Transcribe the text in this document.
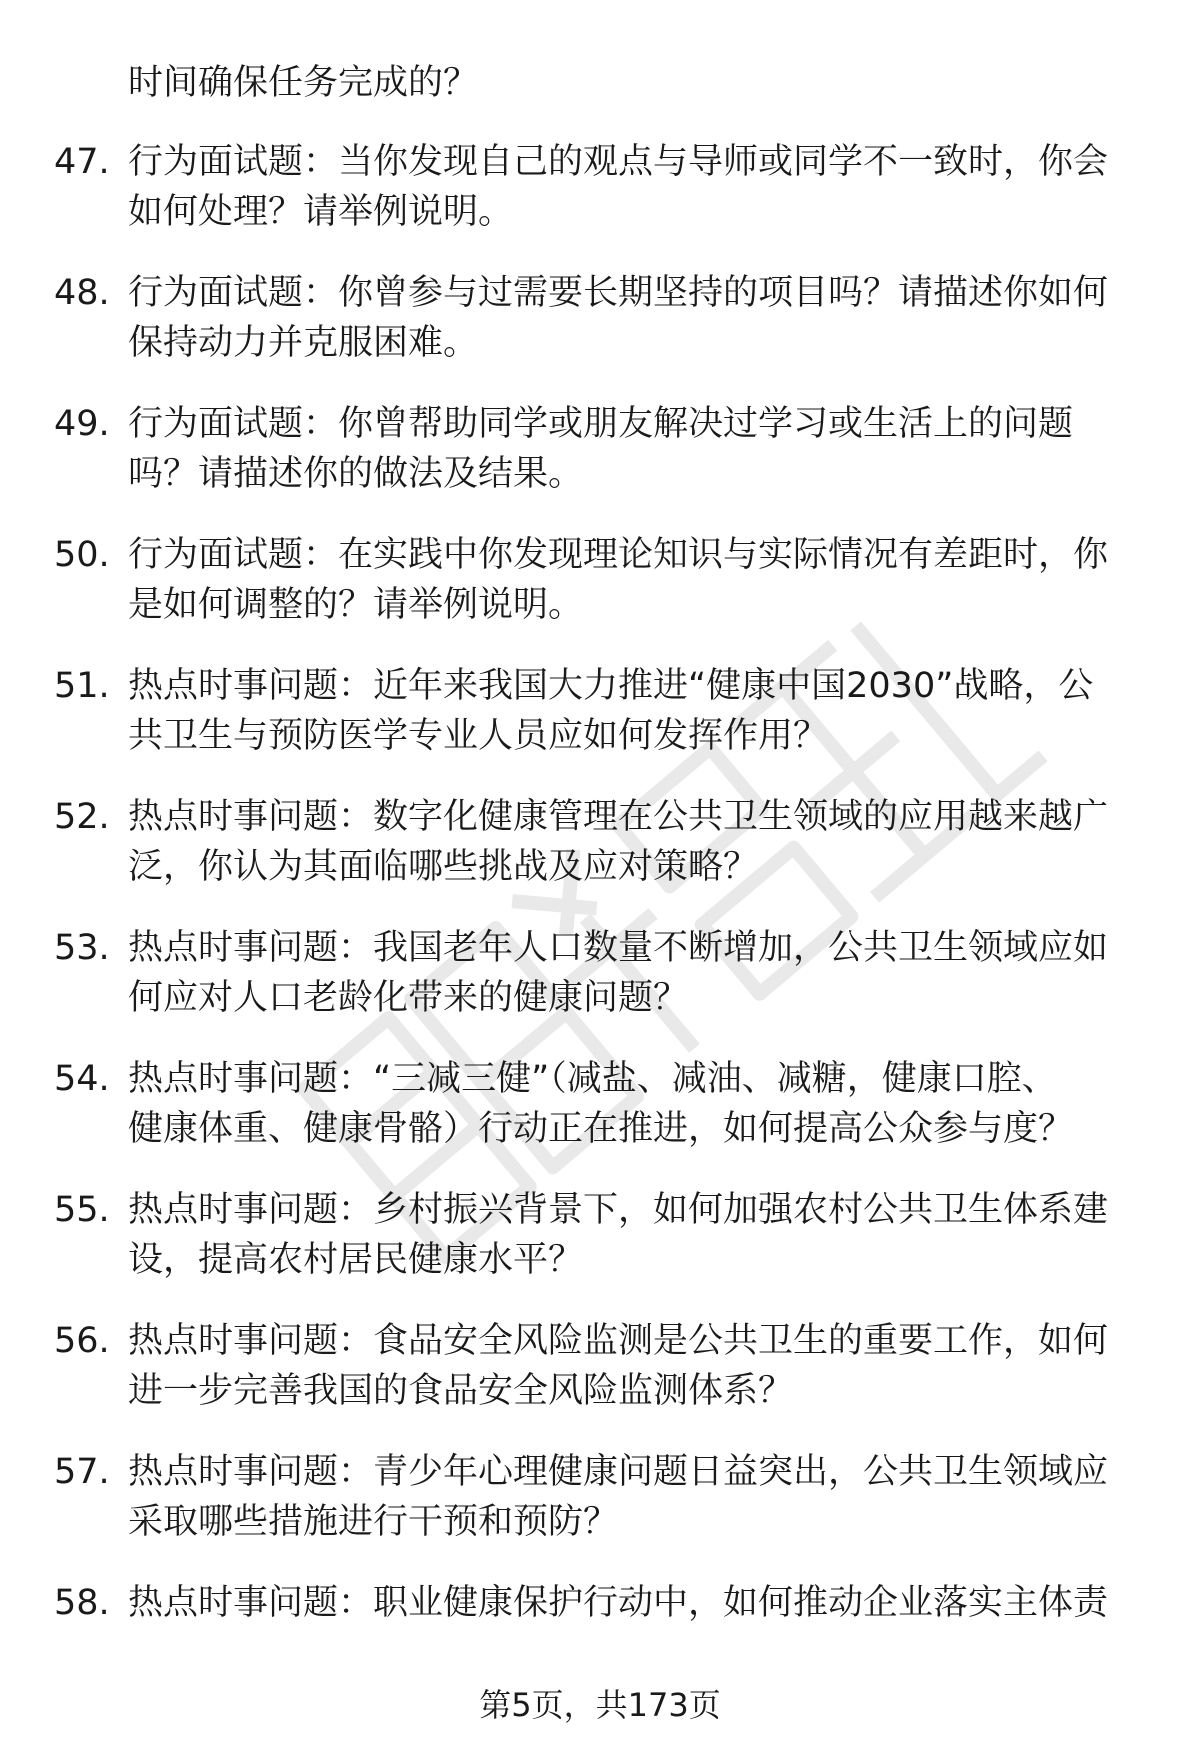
时间确保任务完成的？
47. 行为面试题：当你发现自己的观点与导师或同学不一致时，你会
如何处理？请举例说明。
48. 行为面试题：你曾参与过需要长期坚持的项目吗？请描述你如何
保持动力并克服困难。
49. 行为面试题：你曾帮助同学或朋友解决过学习或生活上的问题
吗？请描述你的做法及结果。
50. 行为面试题：在实践中你发现理论知识与实际情况有差距时，你
是如何调整的？请举例说明。
51. 热点时事问题：近年来我国大力推进“健康中国2030”战略，公
共卫生与预防医学专业人员应如何发挥作用？
52. 热点时事问题：数字化健康管理在公共卫生领域的应用越来越广
泛，你认为其面临哪些挑战及应对策略？
53. 热点时事问题：我国老年人口数量不断增加，公共卫生领域应如
何应对人口老龄化带来的健康问题？
54. 热点时事问题：“三减三健”（减盐、减油、减糖，健康口腔、
健康体重、健康骨骼）行动正在推进，如何提高公众参与度？
55. 热点时事问题：乡村振兴背景下，如何加强农村公共卫生体系建
设，提高农村居民健康水平？
56. 热点时事问题：食品安全风险监测是公共卫生的重要工作，如何
进一步完善我国的食品安全风险监测体系？
57. 热点时事问题：青少年心理健康问题日益突出，公共卫生领域应
采取哪些措施进行干预和预防？
58. 热点时事问题：职业健康保护行动中，如何推动企业落实主体责
第5页，共173页
